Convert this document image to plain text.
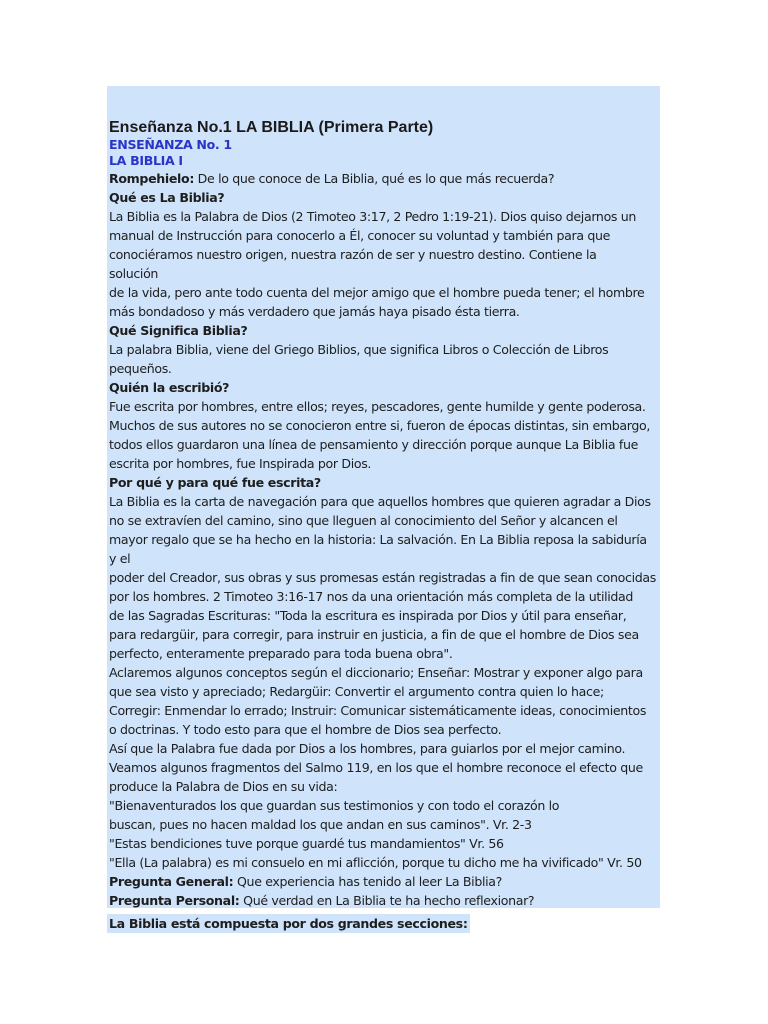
Enseñanza No.1 LA BIBLIA (Primera Parte)
ENSEÑANZA No. 1
LA BIBLIA I
Rompehielo: De lo que conoce de La Biblia, qué es lo que más recuerda?
Qué es La Biblia?
La Biblia es la Palabra de Dios (2 Timoteo 3:17, 2 Pedro 1:19-21). Dios quiso dejarnos un
manual de Instrucción para conocerlo a Él, conocer su voluntad y también para que
conociéramos nuestro origen, nuestra razón de ser y nuestro destino. Contiene la
solución
de la vida, pero ante todo cuenta del mejor amigo que el hombre pueda tener; el hombre
más bondadoso y más verdadero que jamás haya pisado ésta tierra.
Qué Significa Biblia?
La palabra Biblia, viene del Griego Biblios, que significa Libros o Colección de Libros
pequeños.
Quién la escribió?
Fue escrita por hombres, entre ellos; reyes, pescadores, gente humilde y gente poderosa.
Muchos de sus autores no se conocieron entre si, fueron de épocas distintas, sin embargo,
todos ellos guardaron una línea de pensamiento y dirección porque aunque La Biblia fue
escrita por hombres, fue Inspirada por Dios.
Por qué y para qué fue escrita?
La Biblia es la carta de navegación para que aquellos hombres que quieren agradar a Dios
no se extravíen del camino, sino que lleguen al conocimiento del Señor y alcancen el
mayor regalo que se ha hecho en la historia: La salvación. En La Biblia reposa la sabiduría
y el
poder del Creador, sus obras y sus promesas están registradas a fin de que sean conocidas
por los hombres. 2 Timoteo 3:16-17 nos da una orientación más completa de la utilidad
de las Sagradas Escrituras: "Toda la escritura es inspirada por Dios y útil para enseñar,
para redargüir, para corregir, para instruir en justicia, a fin de que el hombre de Dios sea
perfecto, enteramente preparado para toda buena obra".
Aclaremos algunos conceptos según el diccionario; Enseñar: Mostrar y exponer algo para
que sea visto y apreciado; Redargüir: Convertir el argumento contra quien lo hace;
Corregir: Enmendar lo errado; Instruir: Comunicar sistemáticamente ideas, conocimientos
o doctrinas. Y todo esto para que el hombre de Dios sea perfecto.
Así que la Palabra fue dada por Dios a los hombres, para guiarlos por el mejor camino.
Veamos algunos fragmentos del Salmo 119, en los que el hombre reconoce el efecto que
produce la Palabra de Dios en su vida:
"Bienaventurados los que guardan sus testimonios y con todo el corazón lo
buscan, pues no hacen maldad los que andan en sus caminos". Vr. 2-3
"Estas bendiciones tuve porque guardé tus mandamientos" Vr. 56
"Ella (La palabra) es mi consuelo en mi aflicción, porque tu dicho me ha vivificado" Vr. 50
Pregunta General: Que experiencia has tenido al leer La Biblia?
Pregunta Personal: Qué verdad en La Biblia te ha hecho reflexionar?
La Biblia está compuesta por dos grandes secciones:
